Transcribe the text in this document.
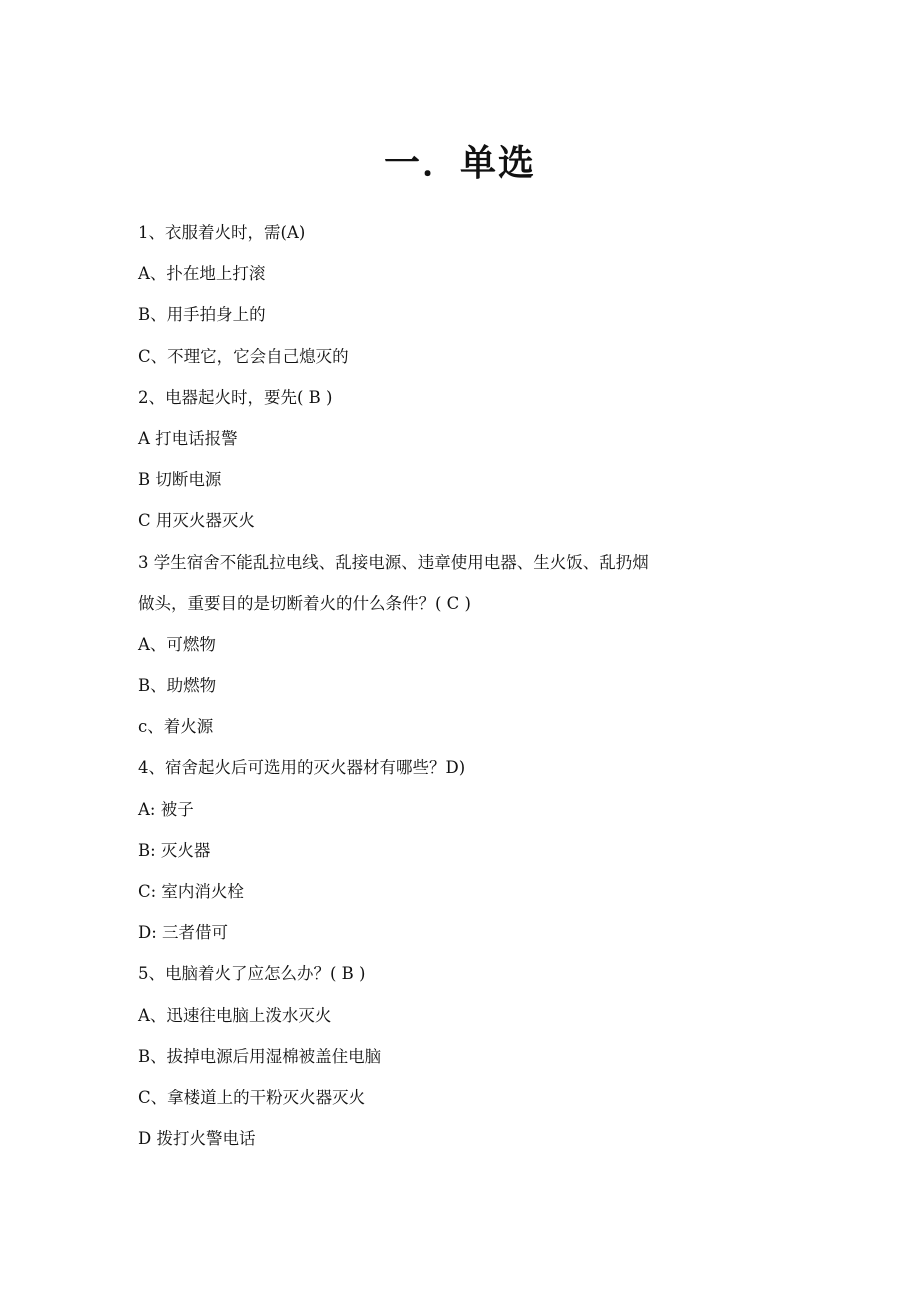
一．单选

1、衣服着火时，需(A)

A、扑在地上打滚

B、用手拍身上的

C、不理它，它会自己熄灭的

2、电器起火时，要先( B )

A 打电话报警

B 切断电源

C 用灭火器灭火

3 学生宿舍不能乱拉电线、乱接电源、违章使用电器、生火饭、乱扔烟

做头，重要目的是切断着火的什么条件？( C )

A、可燃物

B、助燃物

c、着火源

4、宿舍起火后可选用的灭火器材有哪些？D)

A: 被子

B: 灭火器

C: 室内消火栓

D: 三者借可

5、电脑着火了应怎么办？( B )

A、迅速往电脑上泼水灭火

B、拔掉电源后用湿棉被盖住电脑

C、拿楼道上的干粉灭火器灭火

D 拨打火警电话
